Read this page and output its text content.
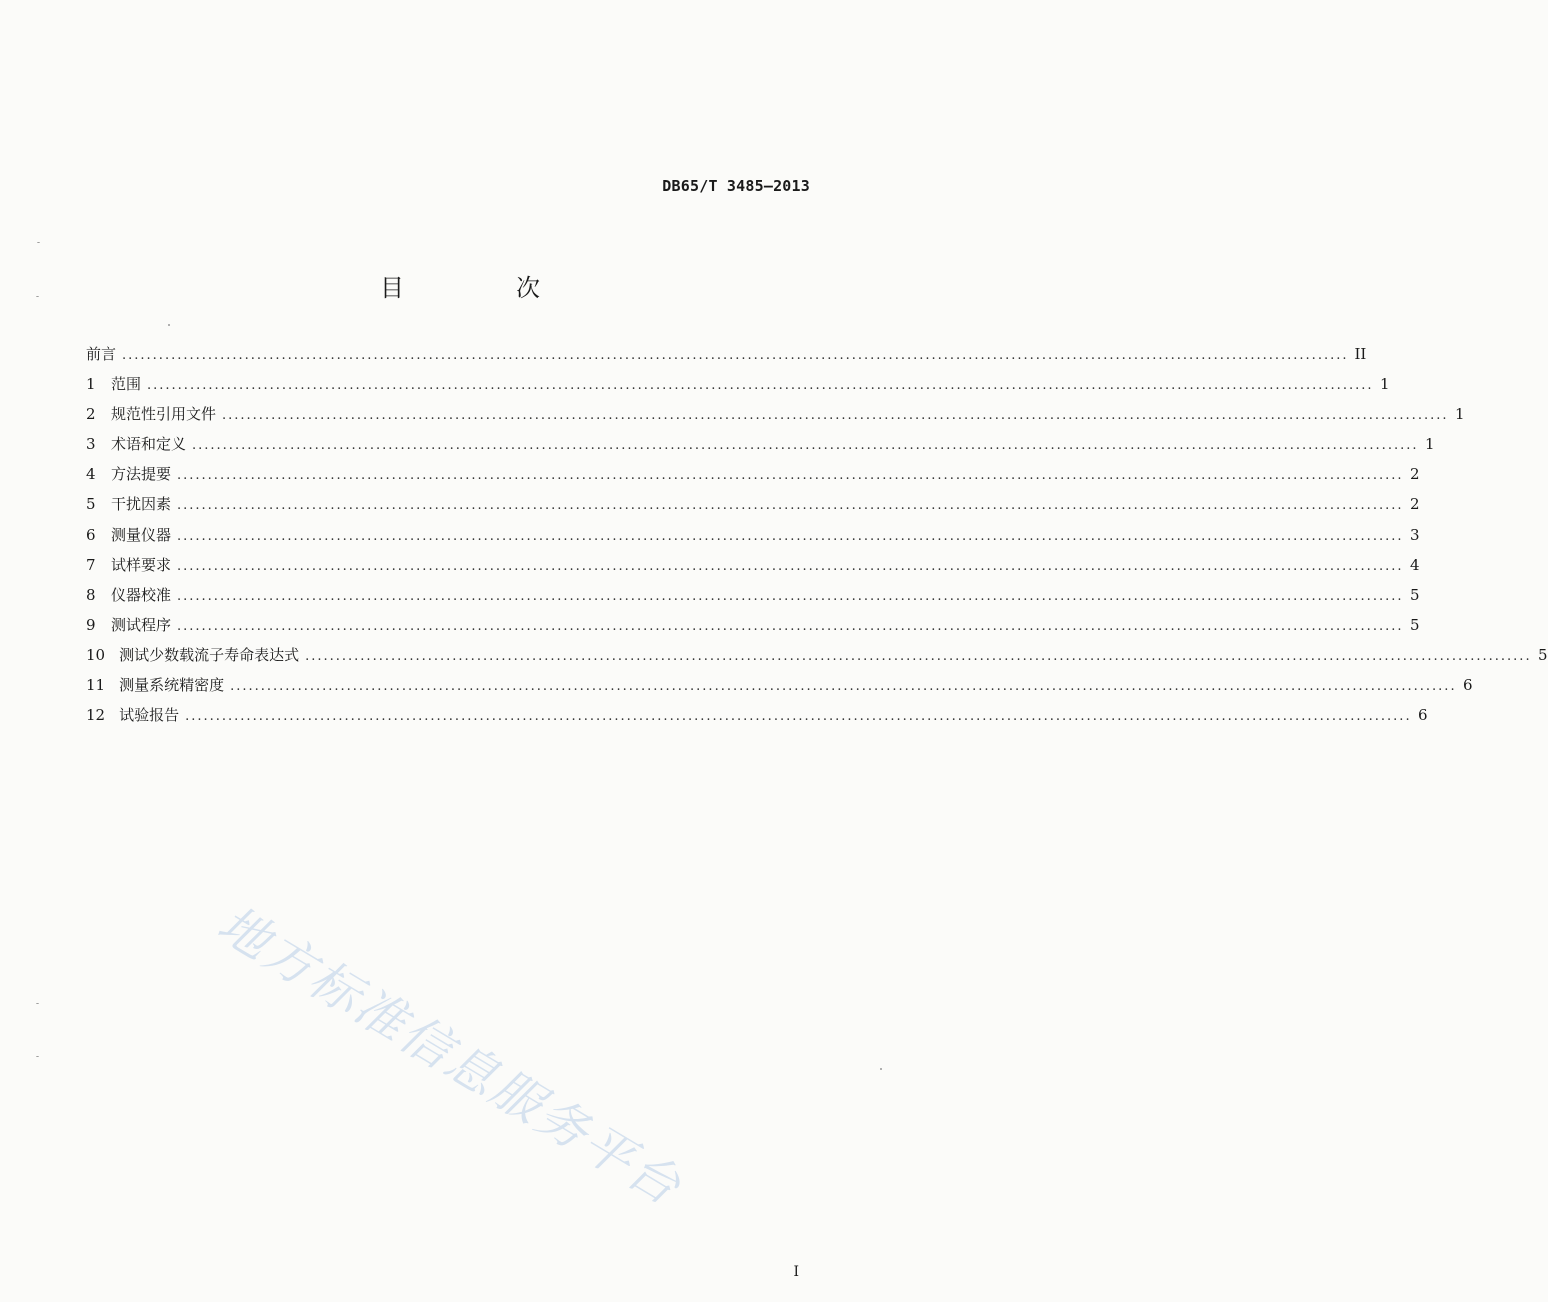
DB65/T 3485—2013
目　次
前言 ........................................................................................................................................................................................................ II
1 范围 ........................................................................................................................................................................................................ 1
2 规范性引用文件 ........................................................................................................................................................................................................ 1
3 术语和定义 ........................................................................................................................................................................................................ 1
4 方法提要 ........................................................................................................................................................................................................ 2
5 干扰因素 ........................................................................................................................................................................................................ 2
6 测量仪器 ........................................................................................................................................................................................................ 3
7 试样要求 ........................................................................................................................................................................................................ 4
8 仪器校准 ........................................................................................................................................................................................................ 5
9 测试程序 ........................................................................................................................................................................................................ 5
10 测试少数载流子寿命表达式 ........................................................................................................................................................................................................ 5
11 测量系统精密度 ........................................................................................................................................................................................................ 6
12 试验报告 ........................................................................................................................................................................................................ 6
地方标准信息服务平台
I
